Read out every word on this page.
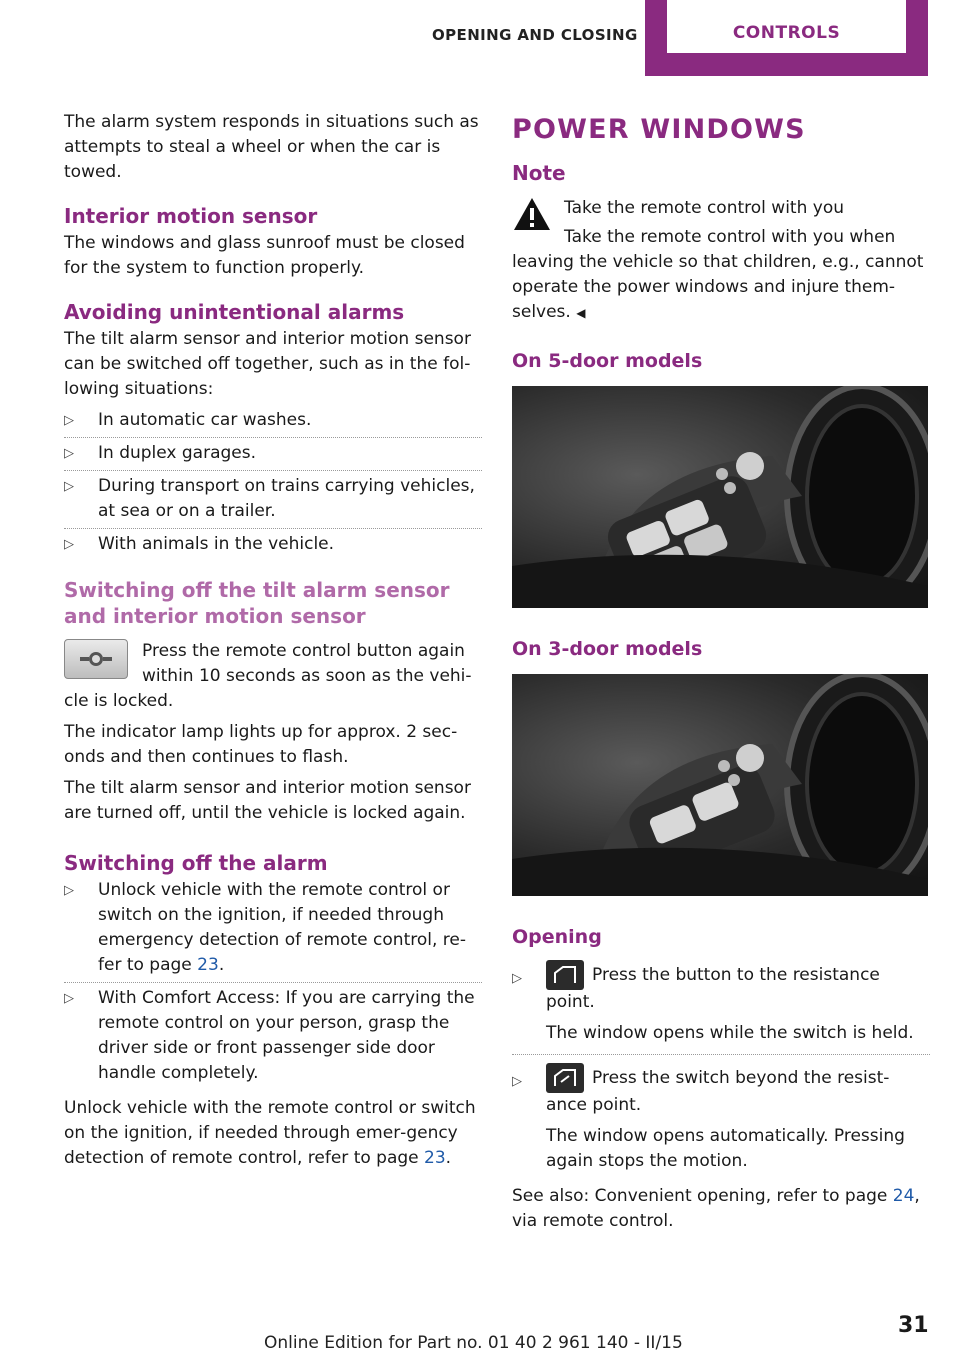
OPENING AND CLOSING	CONTROLS

The alarm system responds in situations such as attempts to steal a wheel or when the car is towed.

Interior motion sensor

The windows and glass sunroof must be closed for the system to function properly.

Avoiding unintentional alarms

The tilt alarm sensor and interior motion sensor can be switched off together, such as in the fol‐lowing situations:

▷ In automatic car washes.
▷ In duplex garages.
▷ During transport on trains carrying vehicles, at sea or on a trailer.
▷ With animals in the vehicle.
Switching off the tilt alarm sensor and interior motion sensor

Press the remote control button again within 10 seconds as soon as the vehi‐cle is locked.

The indicator lamp lights up for approx. 2 sec‐onds and then continues to flash.

The tilt alarm sensor and interior motion sensor are turned off, until the vehicle is locked again.

Switching off the alarm
▷ Unlock vehicle with the remote control or switch on the ignition, if needed through emergency detection of remote control, re‐fer to page 23.
▷ With Comfort Access: If you are carrying the remote control on your person, grasp the driver side or front passenger side door handle completely.

Unlock vehicle with the remote control or switch on the ignition, if needed through emer‐gency detection of remote control, refer to page 23.

POWER WINDOWS
Note

Take the remote control with you

Take the remote control with you when leaving the vehicle so that children, e.g., cannot operate the power windows and injure them‐selves. ◀

On 5-door models
On 3-door models
Opening
▷	Press the button to the resistance point.
The window opens while the switch is held.
▷	Press the switch beyond the resist‐ance point.
The window opens automatically. Pressing again stops the motion.

See also: Convenient opening, refer to page 24, via remote control.

31
Online Edition for Part no. 01 40 2 961 140 - II/15
